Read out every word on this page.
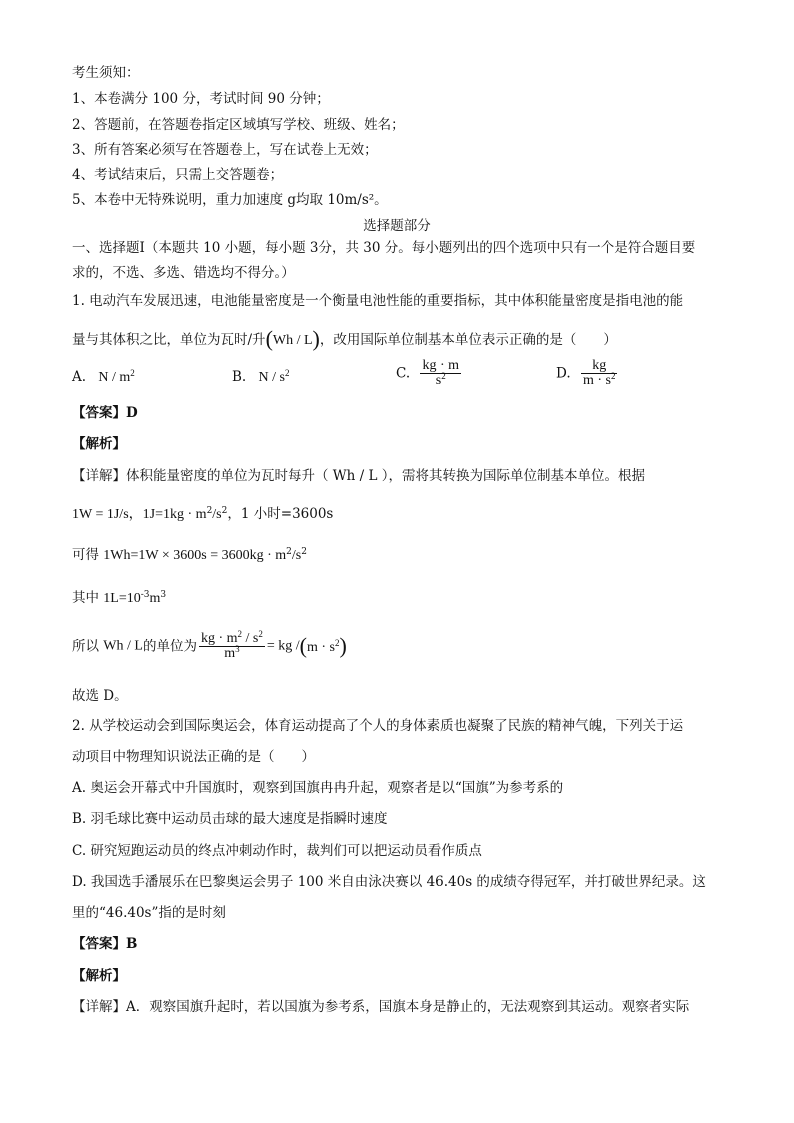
考生须知：
1、本卷满分 100 分，考试时间 90 分钟；
2、答题前，在答题卷指定区域填写学校、班级、姓名；
3、所有答案必须写在答题卷上，写在试卷上无效；
4、考试结束后，只需上交答题卷；
5、本卷中无特殊说明，重力加速度 g均取 10m/s²。
选择题部分
一、选择题Ⅰ（本题共 10 小题，每小题 3分，共 30 分。每小题列出的四个选项中只有一个是符合题目要
求的，不选、多选、错选均不得分。）
1. 电动汽车发展迅速，电池能量密度是一个衡量电池性能的重要指标，其中体积能量密度是指电池的能
量与其体积之比，单位为瓦时/升(Wh / L)，改用国际单位制基本单位表示正确的是（　　）
A. N / $m^2$	B. N / $s^2$	C. $\frac{kg \cdot m}{s^2}$	D. $\frac{kg}{m \cdot s^2}$
【答案】D
【解析】
【详解】体积能量密度的单位为瓦时每升（ Wh / L ），需将其转换为国际单位制基本单位。根据
1W = 1J/s，$1J=1kg \cdot m^2/s^2$，1 小时=3600s
可得 $1Wh=1W \times 3600s = 3600kg \cdot m^2/s^2$
其中 $1L=10^{-3}m^3$
所以 Wh / L的单位为 $\frac{kg \cdot m^2 / s^2}{m^3}$ = kg $/(m \cdot s^2)$
故选 D。
2. 从学校运动会到国际奥运会，体育运动提高了个人的身体素质也凝聚了民族的精神气魄，下列关于运
动项目中物理知识说法正确的是（　　）
A. 奥运会开幕式中升国旗时，观察到国旗冉冉升起，观察者是以“国旗”为参考系的
B. 羽毛球比赛中运动员击球的最大速度是指瞬时速度
C. 研究短跑运动员的终点冲刺动作时，裁判们可以把运动员看作质点
D. 我国选手潘展乐在巴黎奥运会男子 100 米自由泳决赛以 46.40s 的成绩夺得冠军，并打破世界纪录。这
里的“46.40s”指的是时刻
【答案】B
【解析】
【详解】A．观察国旗升起时，若以国旗为参考系，国旗本身是静止的，无法观察到其运动。观察者实际
